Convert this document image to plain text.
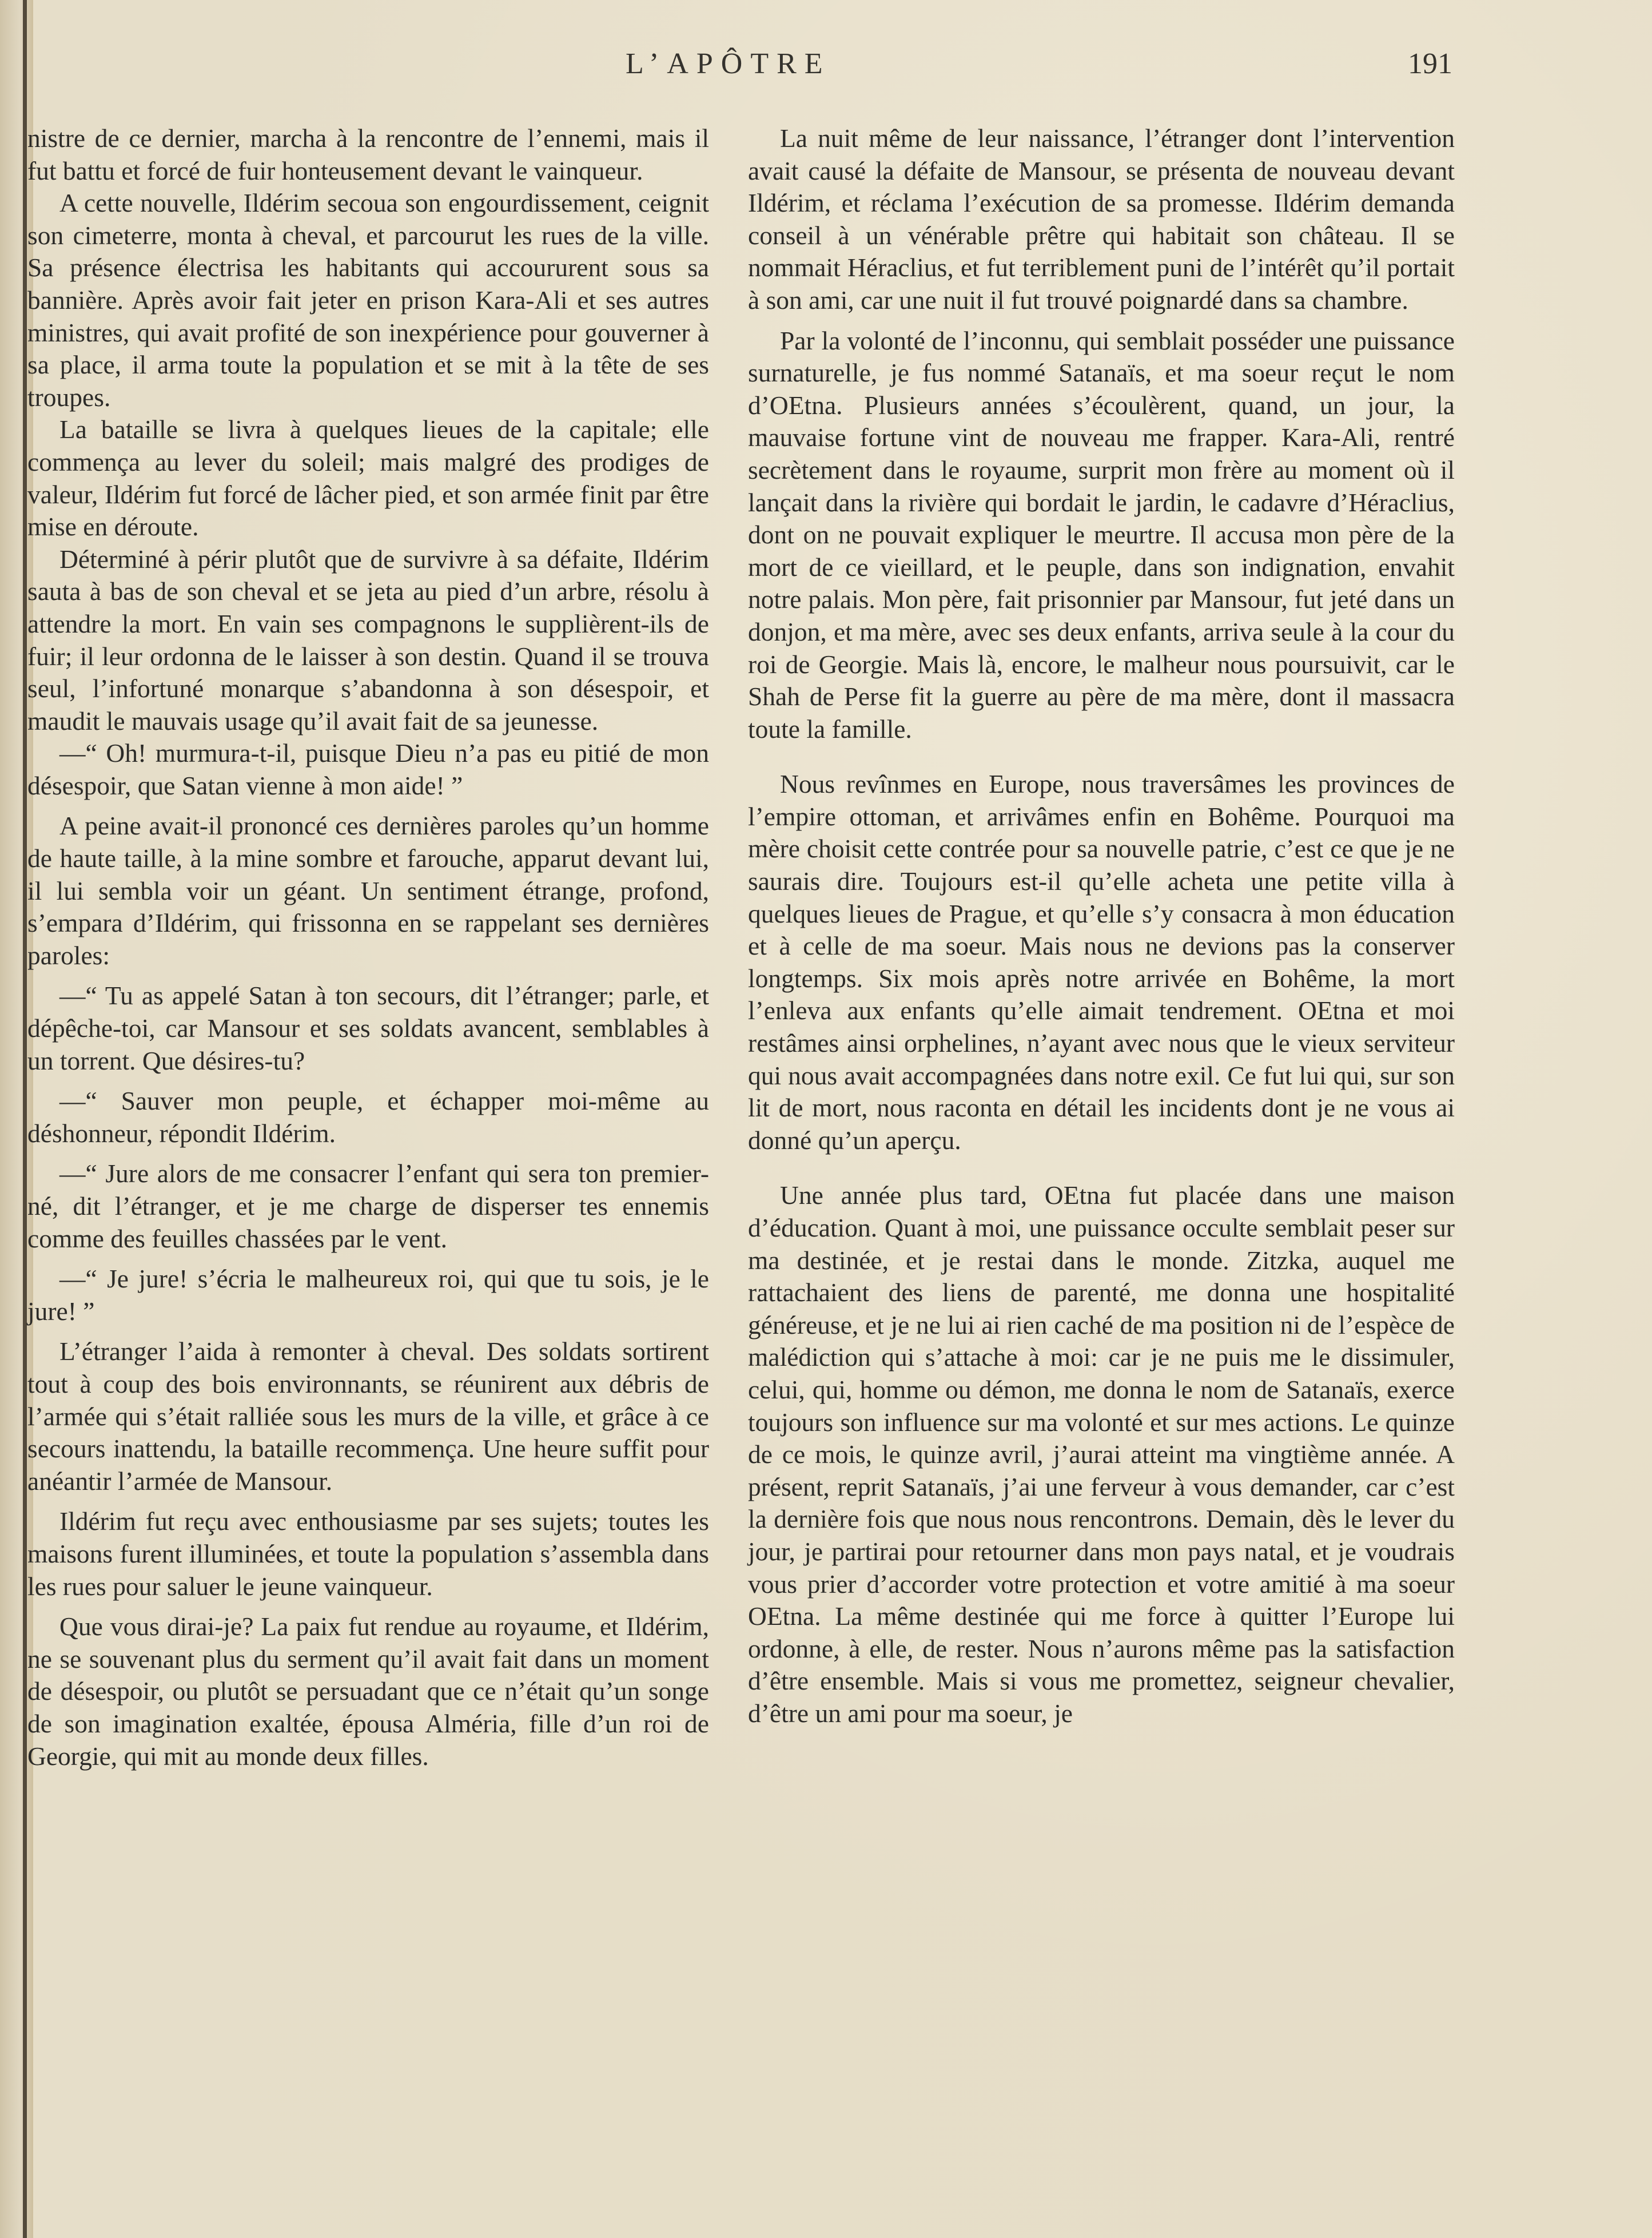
L’APÔTRE	191

nistre de ce dernier, marcha à la rencontre de l’ennemi, mais il fut battu et forcé de fuir honteusement devant le vainqueur.

A cette nouvelle, Ildérim secoua son engourdissement, ceignit son cimeterre, monta à cheval, et parcourut les rues de la ville. Sa présence électrisa les habitants qui accoururent sous sa bannière. Après avoir fait jeter en prison Kara-Ali et ses autres ministres, qui avait profité de son inexpérience pour gouverner à sa place, il arma toute la population et se mit à la tête de ses troupes.

La bataille se livra à quelques lieues de la capitale; elle commença au lever du soleil; mais malgré des prodiges de valeur, Ildérim fut forcé de lâcher pied, et son armée finit par être mise en déroute.

Déterminé à périr plutôt que de survivre à sa défaite, Ildérim sauta à bas de son cheval et se jeta au pied d’un arbre, résolu à attendre la mort. En vain ses compagnons le supplièrent-ils de fuir; il leur ordonna de le laisser à son destin. Quand il se trouva seul, l’infortuné monarque s’abandonna à son désespoir, et maudit le mauvais usage qu’il avait fait de sa jeunesse.

—“ Oh! murmura-t-il, puisque Dieu n’a pas eu pitié de mon désespoir, que Satan vienne à mon aide! ”

A peine avait-il prononcé ces dernières paroles qu’un homme de haute taille, à la mine sombre et farouche, apparut devant lui, il lui sembla voir un géant. Un sentiment étrange, profond, s’empara d’Ildérim, qui frissonna en se rappelant ses dernières paroles:

—“ Tu as appelé Satan à ton secours, dit l’étranger; parle, et dépêche-toi, car Mansour et ses soldats avancent, semblables à un torrent. Que désires-tu?

—“ Sauver mon peuple, et échapper moi-même au déshonneur, répondit Ildérim.

—“ Jure alors de me consacrer l’enfant qui sera ton premier-né, dit l’étranger, et je me charge de disperser tes ennemis comme des feuilles chassées par le vent.

—“ Je jure! s’écria le malheureux roi, qui que tu sois, je le jure! ”

L’étranger l’aida à remonter à cheval. Des soldats sortirent tout à coup des bois environnants, se réunirent aux débris de l’armée qui s’était ralliée sous les murs de la ville, et grâce à ce secours inattendu, la bataille recommença. Une heure suffit pour anéantir l’armée de Mansour.

Ildérim fut reçu avec enthousiasme par ses sujets; toutes les maisons furent illuminées, et toute la population s’assembla dans les rues pour saluer le jeune vainqueur.

Que vous dirai-je? La paix fut rendue au royaume, et Ildérim, ne se souvenant plus du serment qu’il avait fait dans un moment de désespoir, ou plutôt se persuadant que ce n’était qu’un songe de son imagination exaltée, épousa Alméria, fille d’un roi de Georgie, qui mit au monde deux filles.

La nuit même de leur naissance, l’étranger dont l’intervention avait causé la défaite de Mansour, se présenta de nouveau devant Ildérim, et réclama l’exécution de sa promesse. Ildérim demanda conseil à un vénérable prêtre qui habitait son château. Il se nommait Héraclius, et fut terriblement puni de l’intérêt qu’il portait à son ami, car une nuit il fut trouvé poignardé dans sa chambre.

Par la volonté de l’inconnu, qui semblait posséder une puissance surnaturelle, je fus nommé Satanaïs, et ma soeur reçut le nom d’OEtna. Plusieurs années s’écoulèrent, quand, un jour, la mauvaise fortune vint de nouveau me frapper. Kara-Ali, rentré secrètement dans le royaume, surprit mon frère au moment où il lançait dans la rivière qui bordait le jardin, le cadavre d’Héraclius, dont on ne pouvait expliquer le meurtre. Il accusa mon père de la mort de ce vieillard, et le peuple, dans son indignation, envahit notre palais. Mon père, fait prisonnier par Mansour, fut jeté dans un donjon, et ma mère, avec ses deux enfants, arriva seule à la cour du roi de Georgie. Mais là, encore, le malheur nous poursuivit, car le Shah de Perse fit la guerre au père de ma mère, dont il massacra toute la famille.

Nous revînmes en Europe, nous traversâmes les provinces de l’empire ottoman, et arrivâmes enfin en Bohême. Pourquoi ma mère choisit cette contrée pour sa nouvelle patrie, c’est ce que je ne saurais dire. Toujours est-il qu’elle acheta une petite villa à quelques lieues de Prague, et qu’elle s’y consacra à mon éducation et à celle de ma soeur. Mais nous ne devions pas la conserver longtemps. Six mois après notre arrivée en Bohême, la mort l’enleva aux enfants qu’elle aimait tendrement. OEtna et moi restâmes ainsi orphelines, n’ayant avec nous que le vieux serviteur qui nous avait accompagnées dans notre exil. Ce fut lui qui, sur son lit de mort, nous raconta en détail les incidents dont je ne vous ai donné qu’un aperçu.

Une année plus tard, OEtna fut placée dans une maison d’éducation. Quant à moi, une puissance occulte semblait peser sur ma destinée, et je restai dans le monde. Zitzka, auquel me rattachaient des liens de parenté, me donna une hospitalité généreuse, et je ne lui ai rien caché de ma position ni de l’espèce de malédiction qui s’attache à moi: car je ne puis me le dissimuler, celui, qui, homme ou démon, me donna le nom de Satanaïs, exerce toujours son influence sur ma volonté et sur mes actions. Le quinze de ce mois, le quinze avril, j’aurai atteint ma vingtième année. A présent, reprit Satanaïs, j’ai une ferveur à vous demander, car c’est la dernière fois que nous nous rencontrons. Demain, dès le lever du jour, je partirai pour retourner dans mon pays natal, et je voudrais vous prier d’accorder votre protection et votre amitié à ma soeur OEtna. La même destinée qui me force à quitter l’Europe lui ordonne, à elle, de rester. Nous n’aurons même pas la satisfaction d’être ensemble. Mais si vous me promettez, seigneur chevalier, d’être un ami pour ma soeur, je
